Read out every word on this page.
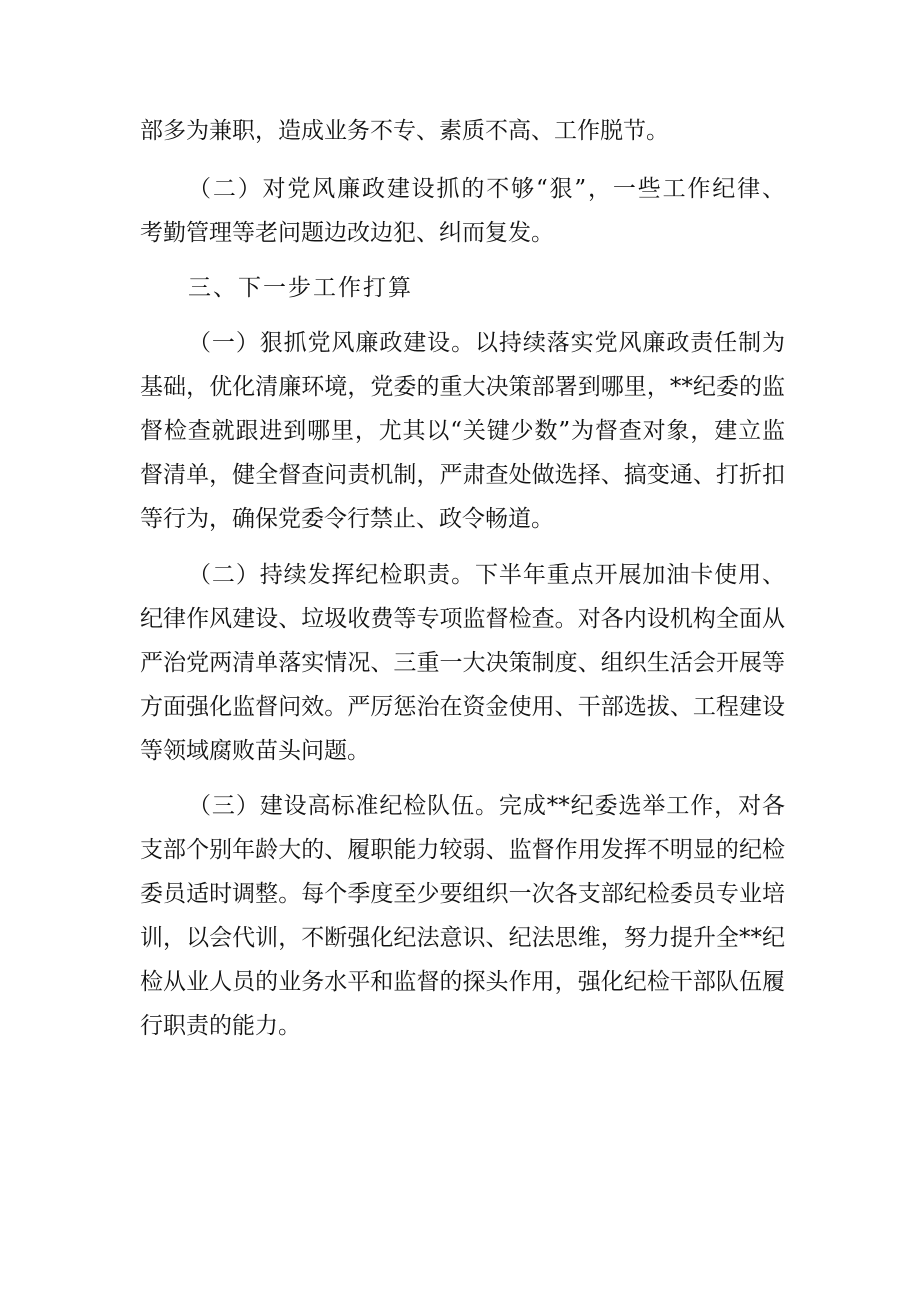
部多为兼职，造成业务不专、素质不高、工作脱节。
（二）对党风廉政建设抓的不够“狠”，一些工作纪律、
考勤管理等老问题边改边犯、纠而复发。
三、下一步工作打算
（一）狠抓党风廉政建设。以持续落实党风廉政责任制为
基础，优化清廉环境，党委的重大决策部署到哪里，**纪委的监
督检查就跟进到哪里，尤其以“关键少数”为督查对象，建立监
督清单，健全督查问责机制，严肃查处做选择、搞变通、打折扣
等行为，确保党委令行禁止、政令畅道。
（二）持续发挥纪检职责。下半年重点开展加油卡使用、
纪律作风建设、垃圾收费等专项监督检查。对各内设机构全面从
严治党两清单落实情况、三重一大决策制度、组织生活会开展等
方面强化监督问效。严厉惩治在资金使用、干部选拔、工程建设
等领域腐败苗头问题。
（三）建设高标准纪检队伍。完成**纪委选举工作，对各
支部个别年龄大的、履职能力较弱、监督作用发挥不明显的纪检
委员适时调整。每个季度至少要组织一次各支部纪检委员专业培
训，以会代训，不断强化纪法意识、纪法思维，努力提升全**纪
检从业人员的业务水平和监督的探头作用，强化纪检干部队伍履
行职责的能力。
